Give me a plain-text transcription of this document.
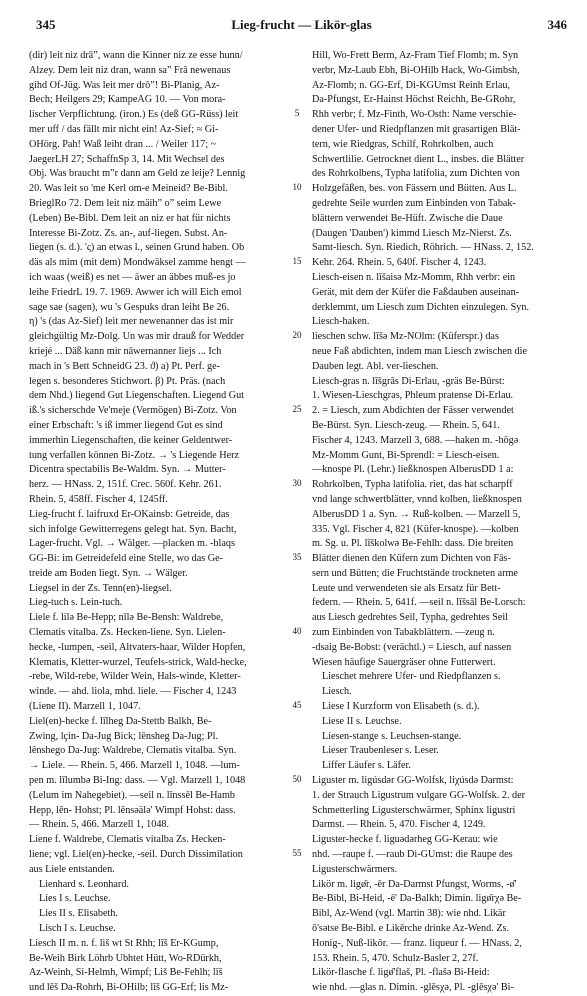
345	Lieg-frucht — Likör-glas	346
(dir) leit niz drā”, wann die Kinner niz ze esse hunn/
Alzey. Dem leit niz dran, wann sa” Frā newenaus
gihd Of-Jüg. Was leit mer drō”! Bi-Planig, Az-
Bech; Heilgers 29; KampeAG 10. — Von mora-
lischer Verpflichtung. (iron.) Es (deß GG-Rüss) leit
mer uff / das fällt mir nicht ein! Az-Sief; ≈ Gi-
OHörg. Pah! Waß leiht dran ... / Weiler 117; ~
JaegerLH 27; SchaffnSp 3, 14. Mit Wechsel des
Obj. Was braucht m”r dann am Geld ze leije? Lennig
20. Was leit so 'me Kerl om-e Meineid? Be-Bibl.
BrieglRo 72. Dem leit niz mäih” o” seim Lewe
(Leben) Be-Bibl. Dem leit an niz er hat für nichts
Interesse Bi-Zotz. Zs. an-, auf-liegen. Subst. An-
liegen (s. d.). 'ς) an etwas l., seinen Grund haben. Ob
däs als mim (mit dem) Mondwäksel zamme hengt —
ich waas (weiß) es net — äwer an äbbes muß-es jo
leihe FriedrL 19. 7. 1969. Awwer ich will Eich emol
sage sae (sagen), wu 's Gespuks dran leiht Be 26.
η) 's (das Az-Sief) leit mer newenanner das ist mir
gleichgültig Mz-Dolg. Un was mir drauß for Wedder
kriejé ... Däß kann mir nāwernanner liejs ... Ich
mach in 's Bett SchneidG 23. ϑ) a) Pt. Perf. ge-
legen s. besonderes Stichwort. β) Pt. Präs. (nach
dem Nhd.) liegend Gut Liegenschaften. Liegend Gut
iß.'s sicherschde Ve'meje (Vermögen) Bi-Zotz. Von
einer Erbschaft: 's iß immer liegend Gut es sind
immerhin Liegenschaften, die keiner Geldentwer-
tung verfallen können Bi-Zotz. → 's Liegende Herz
Dicentra spectabilis Be-Waldm. Syn. → Mutter-
herz. — HNass. 2, 151f. Crec. 560f. Kehr. 261.
Rhein. 5, 458ff. Fischer 4, 1245ff.
Lieg-frucht f. laifruxd Er-OKainsb: Getreide, das
sich infolge Gewitterregens gelegt hat. Syn. Bacht,
Lager-frucht. Vgl. → Wälger. —placken m. -blaqs
GG-Bi: im Getreidefeld eine Stelle, wo das Ge-
treide am Boden liegt. Syn. → Wälger.
Liegsel in der Zs. Tenn(en)-liegsel.
Lieg-tuch s. Lein-tuch.
Liele f. lilə Be-Hepp; nīlə Be-Bensh: Waldrebe,
Clematis vitalba. Zs. Hecken-liene. Syn. Lielen-
hecke, -lumpen, -seil, Altvaters-haar, Wilder Hopfen,
Klematis, Kletter-wurzel, Teufels-strick, Wald-hecke,
-rebe, Wild-rebe, Wilder Wein, Hals-winde, Kletter-
winde. — ahd. liola, mhd. liele. — Fischer 4, 1243
(Liene II). Marzell 1, 1047.
Liel(en)-hecke f. līlheg Da-Stettb Balkh, Be-
Zwing, lçin- Da-Jug Bick; lēnsheg Da-Jug; Pl.
lēnshego Da-Jug: Waldrebe, Clematis vitalba. Syn.
→ Liele. — Rhein. 5, 466. Marzell 1, 1048. —lum-
pen m. līlumbə Bi-Ing: dass. — Vgl. Marzell 1, 1048
(Lelum im Nahegebiet). —seil n. līnssēl Be-Hamb
Hepp, lēn- Hohst; Pl. lēnsəälə' Wimpf Hohst: dass.
— Rhein. 5, 466. Marzell 1, 1048.
Liene f. Waldrebe, Clematis vitalba Zs. Hecken-
liene; vgl. Liel(en)-hecke, -seil. Durch Dissimilation
aus Liele entstanden.
Lienhard s. Leonhard.
Lies I s. Leuchse.
Lies II s. Elisabeth.
Lisch I s. Leuchse.
Liesch II m. n. f. liš wt St Rhh; līš Er-KGump,
Be-Weih Birk Löhrb Ubhtet Hütt, Wo-RDürkh,
Az-Weinh, Si-Helmh, Wimpf; Liš Be-Fehlh; līš
und lēš Da-Rohrh, Bi-OHilb; līš GG-Erf; lis Mz-
5
10
15
20
25
30
35
40
45
50
55
Hill, Wo-Frett Berm, Az-Fram Tief Flomb; m. Syn
verbr, Mz-Laub Ebh, Bi-OHilb Hack, Wo-Gimbsh,
Az-Flomb; n. GG-Erf, Di-KGUmst Reinh Erlau,
Da-Pfungst, Er-Hainst Höchst Reichh, Be-GRohr,
Rhh verbr; f. Mz-Finth, Wo-Osth: Name verschie-
dener Ufer- und Riedpflanzen mit grasartigen Blät-
tern, wie Riedgras, Schilf, Rohrkolben, auch
Schwertlilie. Getrocknet dient L., insbes. die Blätter
des Rohrkolbens, Typha latifolia, zum Dichten von
Holzgefäßen, bes. von Fässern und Bütten. Aus L.
gedrehte Seile wurden zum Einbinden von Tabak-
blättern verwendet Be-Hüft. Zwische die Daue
(Daugen 'Dauben') kimmd Liesch Mz-Nierst. Zs.
Samt-liesch. Syn. Riedich, Röhrich. — HNass. 2, 152.
Kehr. 264. Rhein. 5, 640f. Fischer 4, 1243.
Liesch-eisen n. līšaisə Mz-Momm, Rhh verbr: ein
Gerät, mit dem der Küfer die Faßdauben auseinan-
derklemmt, um Liesch zum Dichten einzulegen. Syn.
Liesch-haken.
lieschen schw. līšə Mz-NOlm: (Küferspr.) das
neue Faß abdichten, indem man Liesch zwischen die
Dauben legt. Abl. ver-lieschen.
Liesch-gras n. līšgrās Di-Erlau, -gräs Be-Bürst:
1. Wiesen-Lieschgras, Phleum pratense Di-Erlau.
2. = Liesch, zum Abdichten der Fässer verwendet
Be-Bürst. Syn. Liesch-zeug. — Rhein. 5, 641.
Fischer 4, 1243. Marzell 3, 688. —haken m. -hōgə
Mz-Momm Gunt, Bi-Sprendl: = Liesch-eisen.
—knospe Pl. (Lehr.) ließknospen AlberusDD 1 a:
Rohrkolben, Typha latifolia. riet, das hat scharpff
vnd lange schwertblätter, vnnd kolben, ließknospen
AlberusDD 1 a. Syn. → Ruß-kolben. — Marzell 5,
335. Vgl. Fischer 4, 821 (Küfer-knospe). —kolben
m. Sg. u. Pl. līškolwə Be-Fehlh: dass. Die breiten
Blätter dienen den Küfern zum Dichten von Fäs-
sern und Bütten; die Fruchtstände trockneten arme
Leute und verwendeten sie als Ersatz für Bett-
federn. — Rhein. 5, 641f. —seil n. līšsāl Be-Lorsch:
aus Liesch gedrehtes Seil, Typha, gedrehtes Seil
zum Einbinden von Tabakblättern. —zeug n.
-dsaig Be-Bobst: (verächtl.) = Liesch, auf nassen
Wiesen häufige Sauergräser ohne Futterwert.
Lieschet mehrere Ufer- und Riedpflanzen s.
Liesch.
Liese I Kurzform von Elisabeth (s. d.).
Liese II s. Leuchse.
Liesen-stange s. Leuchsen-stange.
Lieser Traubenleser s. Leser.
Liffer Läufer s. Läfer.
Liguster m. ligúsdər GG-Wolfsk, liχúsdə Darmst:
1. der Strauch Ligustrum vulgare GG-Wolfsk. 2. der
Schmetterling Ligusterschwärmer, Sphinx ligustri
Darmst. — Rhein. 5, 470. Fischer 4, 1249.
Liguster-hecke f. liguədərheg GG-Kerau: wie
nhd. —raupe f. —raub Di-GUmst: die Raupe des
Ligusterschwärmers.
Likör m. ligø̄r, -ēr Da-Darmst Pfungst, Worms, -ø̄'
Be-Bibl, Bi-Heid, -ē' Da-Balkh; Dimin. ligø̄rχə Be-
Bibl, Az-Wend (vgl. Martin 38): wie nhd. Likär
ō'sətse Be-Bibl. e Likērche drinke Az-Wend. Zs.
Honig-, Nuß-likör. — franz. liqueur f. — HNass. 2,
153. Rhein. 5, 470. Schulz-Basler 2, 27f.
Likör-flasche f. ligø̄'flaš, Pl. -flašə Bi-Heid:
wie nhd. —glas n. Dimin. -glēsχə, Pl. -glēsχə' Bi-
